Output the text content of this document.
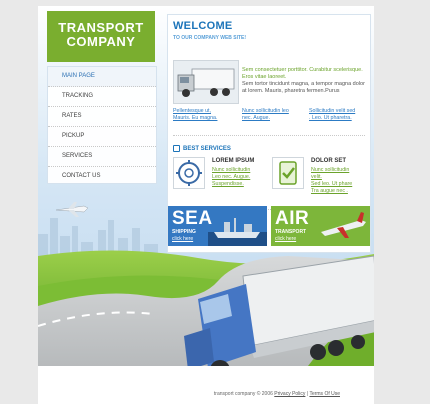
TRANSPORT
COMPANY
MAIN PAGE
TRACKING
RATES
PICKUP
SERVICES
CONTACT US
WELCOME
TO OUR COMPANY WEB SITE!
Sem consectetuer porttitor. Curabitur scelerisque. Eros vitae laoreet.
Sem tortor tincidunt magna, a tempor magna dolor at lorem. Mauris, pharetra fermen.Purus
Pellentesque ut,
Mauris. Eu magna.
Nunc sollicitudin leo
nec. Augue.
Sollicitudin velit sed
. Leo. Ut pharetra.
BEST SERVICES
LOREM IPSUM
Nunc sollicitudin
Leo nec. Augue.
Suspendisse.
DOLOR SET
Nunc sollicitudin
velit.
Sed leo. Ut phare
Tra augue nec .
SEA
SHIPPING
click here
AIR
TRANSPORT
click here
transport company © 2006 Privacy Policy | Terms Of Use
